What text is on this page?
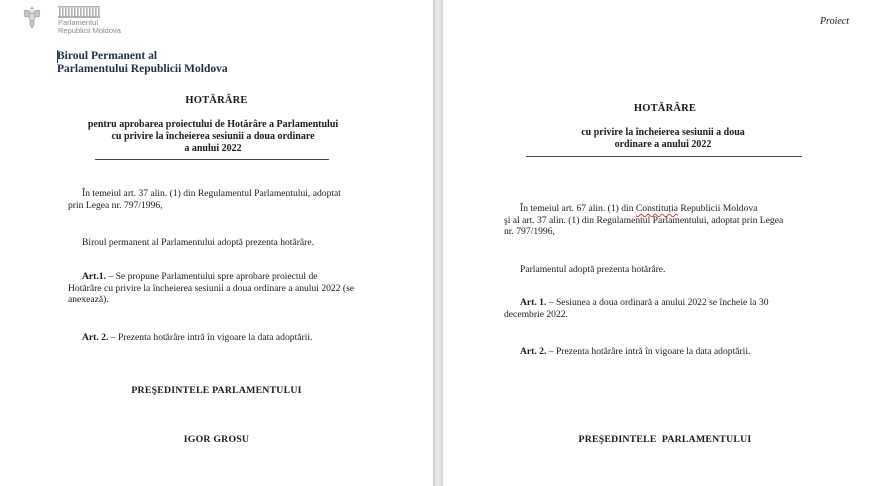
Parlamentul
Republicii Moldova
Biroul Permanent al
Parlamentului Republicii Moldova
HOTĂRÂRE
pentru aprobarea proiectului de Hotărâre a Parlamentului
cu privire la încheierea sesiunii a doua ordinare
a anului 2022
În temeiul art. 37 alin. (1) din Regulamentul Parlamentului, adoptat
prin Legea nr. 797/1996,
Biroul permanent al Parlamentului adoptă prezenta hotărâre.
Art.1. – Se propune Parlamentului spre aprobare proiectul de
Hotărâre cu privire la încheierea sesiunii a doua ordinare a anului 2022 (se
anexează).
Art. 2. – Prezenta hotărâre intră în vigoare la data adoptării.
PREŞEDINTELE PARLAMENTULUI
IGOR GROSU
Proiect
HOTĂRÂRE
cu privire la încheierea sesiunii a doua
ordinare a anului 2022
În temeiul art. 67 alin. (1) din Constituția Republicii Moldova
şi al art. 37 alin. (1) din Regulamentul Parlamentului, adoptat prin Legea
nr. 797/1996,
Parlamentul adoptă prezenta hotărâre.
Art. 1. – Sesiunea a doua ordinară a anului 2022 se încheie la 30
decembrie 2022.
Art. 2. – Prezenta hotărâre intră în vigoare la data adoptării.
PREŞEDINTELE  PARLAMENTULUI
